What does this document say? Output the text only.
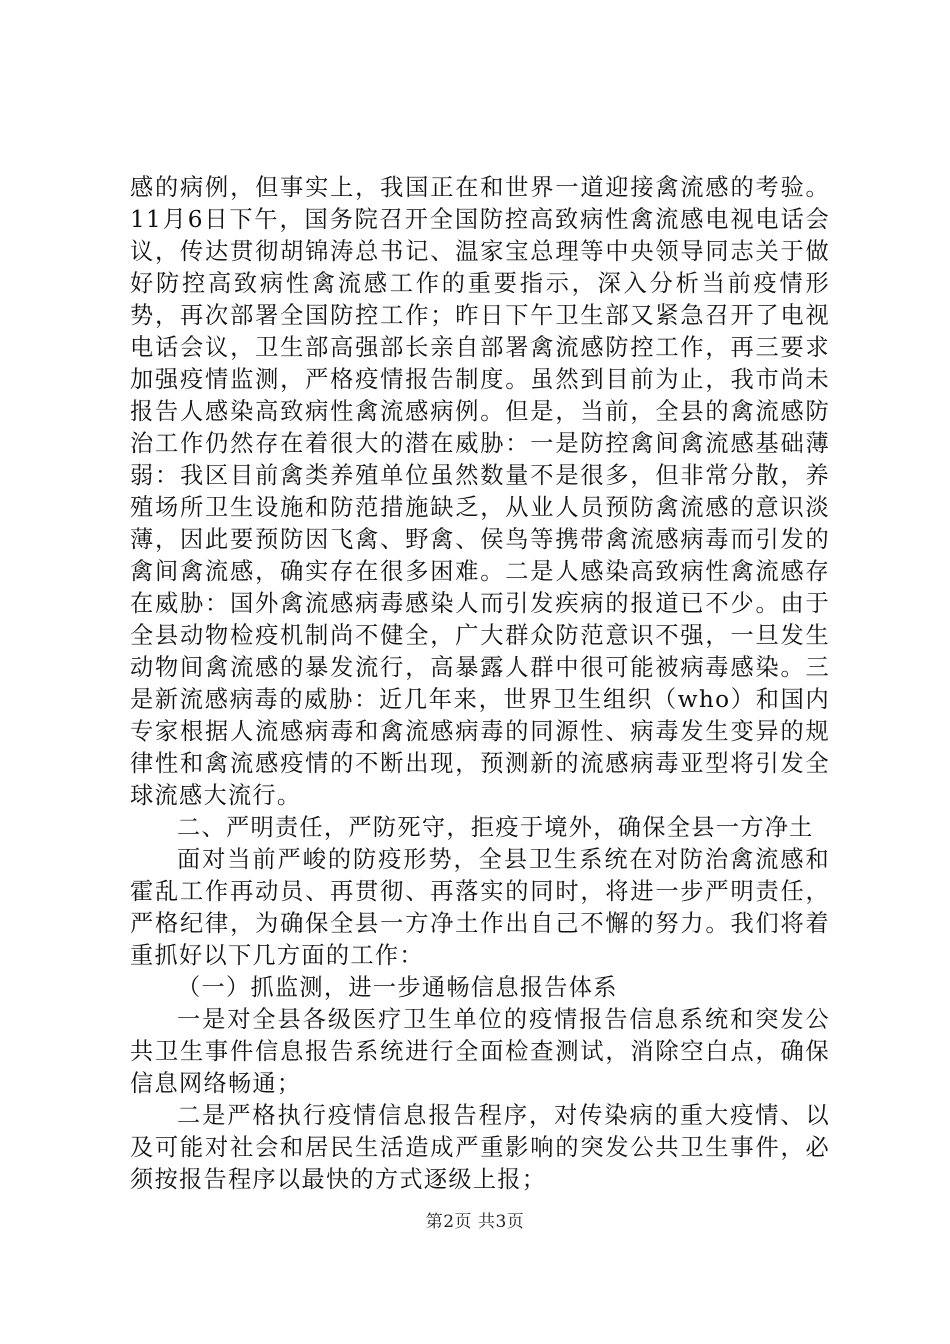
感的病例，但事实上，我国正在和世界一道迎接禽流感的考验。11月6日下午，国务院召开全国防控高致病性禽流感电视电话会议，传达贯彻胡锦涛总书记、温家宝总理等中央领导同志关于做好防控高致病性禽流感工作的重要指示，深入分析当前疫情形势，再次部署全国防控工作；昨日下午卫生部又紧急召开了电视电话会议，卫生部高强部长亲自部署禽流感防控工作，再三要求加强疫情监测，严格疫情报告制度。虽然到目前为止，我市尚未报告人感染高致病性禽流感病例。但是，当前，全县的禽流感防治工作仍然存在着很大的潜在威胁：一是防控禽间禽流感基础薄弱：我区目前禽类养殖单位虽然数量不是很多，但非常分散，养殖场所卫生设施和防范措施缺乏，从业人员预防禽流感的意识淡薄，因此要预防因飞禽、野禽、侯鸟等携带禽流感病毒而引发的禽间禽流感，确实存在很多困难。二是人感染高致病性禽流感存在威胁：国外禽流感病毒感染人而引发疾病的报道已不少。由于全县动物检疫机制尚不健全，广大群众防范意识不强，一旦发生动物间禽流感的暴发流行，高暴露人群中很可能被病毒感染。三是新流感病毒的威胁：近几年来，世界卫生组织（who）和国内专家根据人流感病毒和禽流感病毒的同源性、病毒发生变异的规律性和禽流感疫情的不断出现，预测新的流感病毒亚型将引发全球流感大流行。

二、严明责任，严防死守，拒疫于境外，确保全县一方净土

面对当前严峻的防疫形势，全县卫生系统在对防治禽流感和霍乱工作再动员、再贯彻、再落实的同时，将进一步严明责任，严格纪律，为确保全县一方净土作出自己不懈的努力。我们将着重抓好以下几方面的工作：

（一）抓监测，进一步通畅信息报告体系

一是对全县各级医疗卫生单位的疫情报告信息系统和突发公共卫生事件信息报告系统进行全面检查测试，消除空白点，确保信息网络畅通；

二是严格执行疫情信息报告程序，对传染病的重大疫情、以及可能对社会和居民生活造成严重影响的突发公共卫生事件，必须按报告程序以最快的方式逐级上报；

第2页 共3页
